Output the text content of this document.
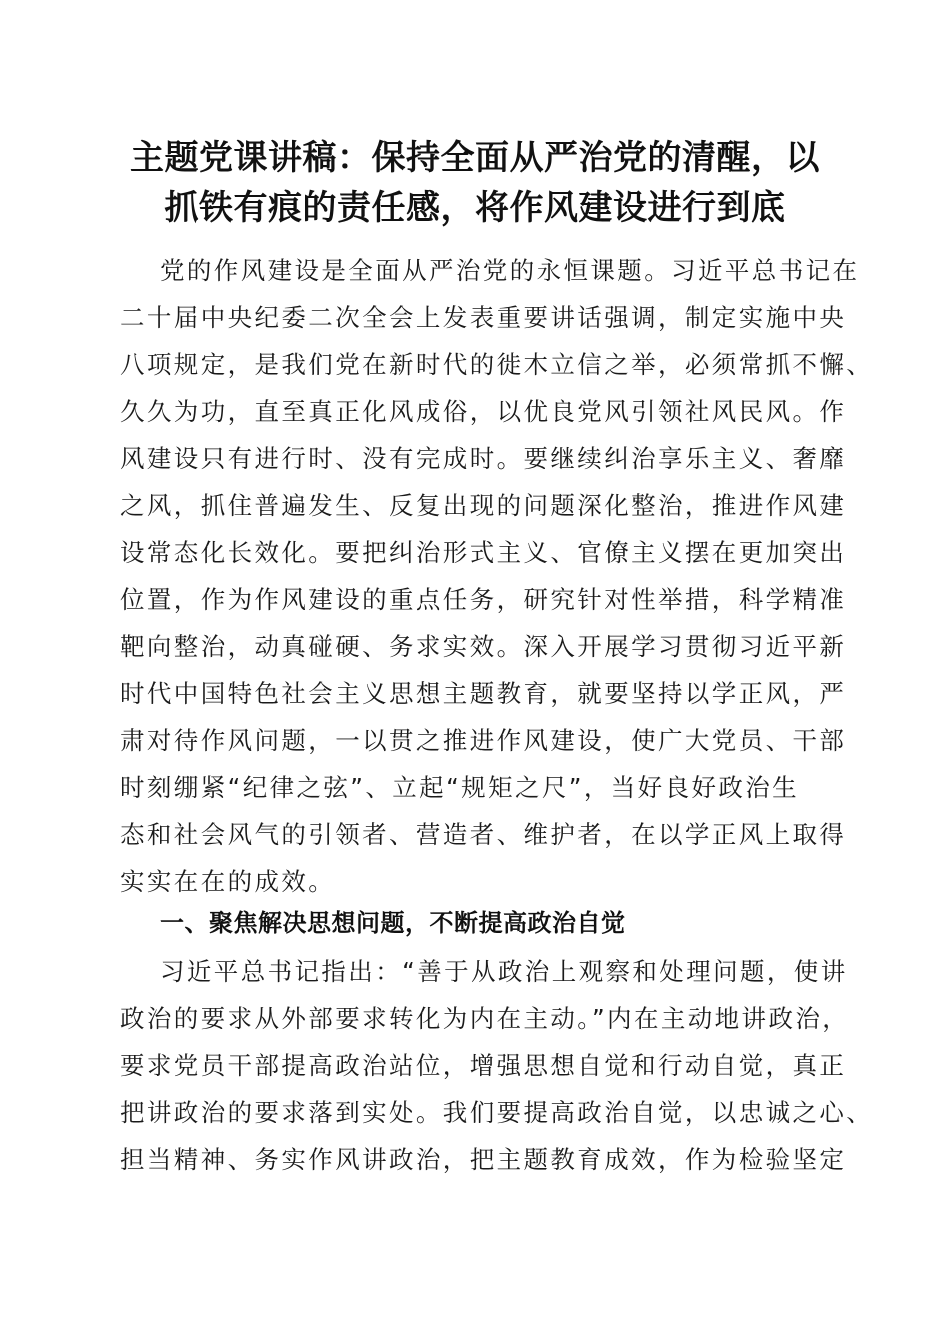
主题党课讲稿：保持全面从严治党的清醒，以
抓铁有痕的责任感，将作风建设进行到底
党的作风建设是全面从严治党的永恒课题。习近平总书记在
二十届中央纪委二次全会上发表重要讲话强调，制定实施中央
八项规定，是我们党在新时代的徙木立信之举，必须常抓不懈、
久久为功，直至真正化风成俗，以优良党风引领社风民风。作
风建设只有进行时、没有完成时。要继续纠治享乐主义、奢靡
之风，抓住普遍发生、反复出现的问题深化整治，推进作风建
设常态化长效化。要把纠治形式主义、官僚主义摆在更加突出
位置，作为作风建设的重点任务，研究针对性举措，科学精准
靶向整治，动真碰硬、务求实效。深入开展学习贯彻习近平新
时代中国特色社会主义思想主题教育，就要坚持以学正风，严
肃对待作风问题，一以贯之推进作风建设，使广大党员、干部
时刻绷紧“纪律之弦”、立起“规矩之尺”，当好良好政治生
态和社会风气的引领者、营造者、维护者，在以学正风上取得
实实在在的成效。
一、聚焦解决思想问题，不断提高政治自觉
习近平总书记指出：“善于从政治上观察和处理问题，使讲
政治的要求从外部要求转化为内在主动。”内在主动地讲政治，
要求党员干部提高政治站位，增强思想自觉和行动自觉，真正
把讲政治的要求落到实处。我们要提高政治自觉，以忠诚之心、
担当精神、务实作风讲政治，把主题教育成效，作为检验坚定
